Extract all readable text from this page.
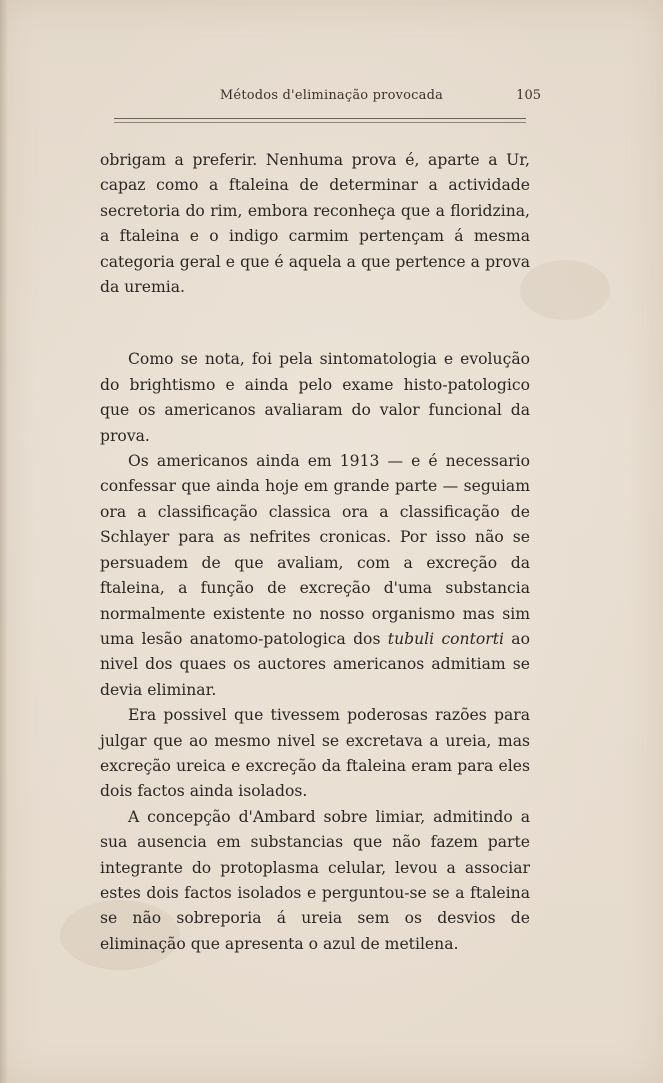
Métodos d'eliminação provocada	105

obrigam a preferir. Nenhuma prova é, aparte a Ur, capaz como a ftaleina de determinar a actividade secretoria do rim, embora reconheça que a floridzina, a ftaleina e o indigo carmim pertençam á mesma categoria geral e que é aquela a que pertence a prova da uremia.

Como se nota, foi pela sintomatologia e evolução do brightismo e ainda pelo exame histo-patologico que os americanos avaliaram do valor funcional da prova.

Os americanos ainda em 1913 — e é necessario confessar que ainda hoje em grande parte — seguiam ora a classificação classica ora a classificação de Schlayer para as nefrites cronicas. Por isso não se persuadem de que avaliam, com a excreção da ftaleina, a função de excreção d'uma substancia normalmente existente no nosso organismo mas sim uma lesão anatomo-patologica dos tubuli contorti ao nivel dos quaes os auctores americanos admitiam se devia eliminar.

Era possivel que tivessem poderosas razões para julgar que ao mesmo nivel se excretava a ureia, mas excreção ureica e excreção da ftaleina eram para eles dois factos ainda isolados.

A concepção d'Ambard sobre limiar, admitindo a sua ausencia em substancias que não fazem parte integrante do protoplasma celular, levou a associar estes dois factos isolados e perguntou-se se a ftaleina se não sobreporia á ureia sem os desvios de eliminação que apresenta o azul de metilena.
